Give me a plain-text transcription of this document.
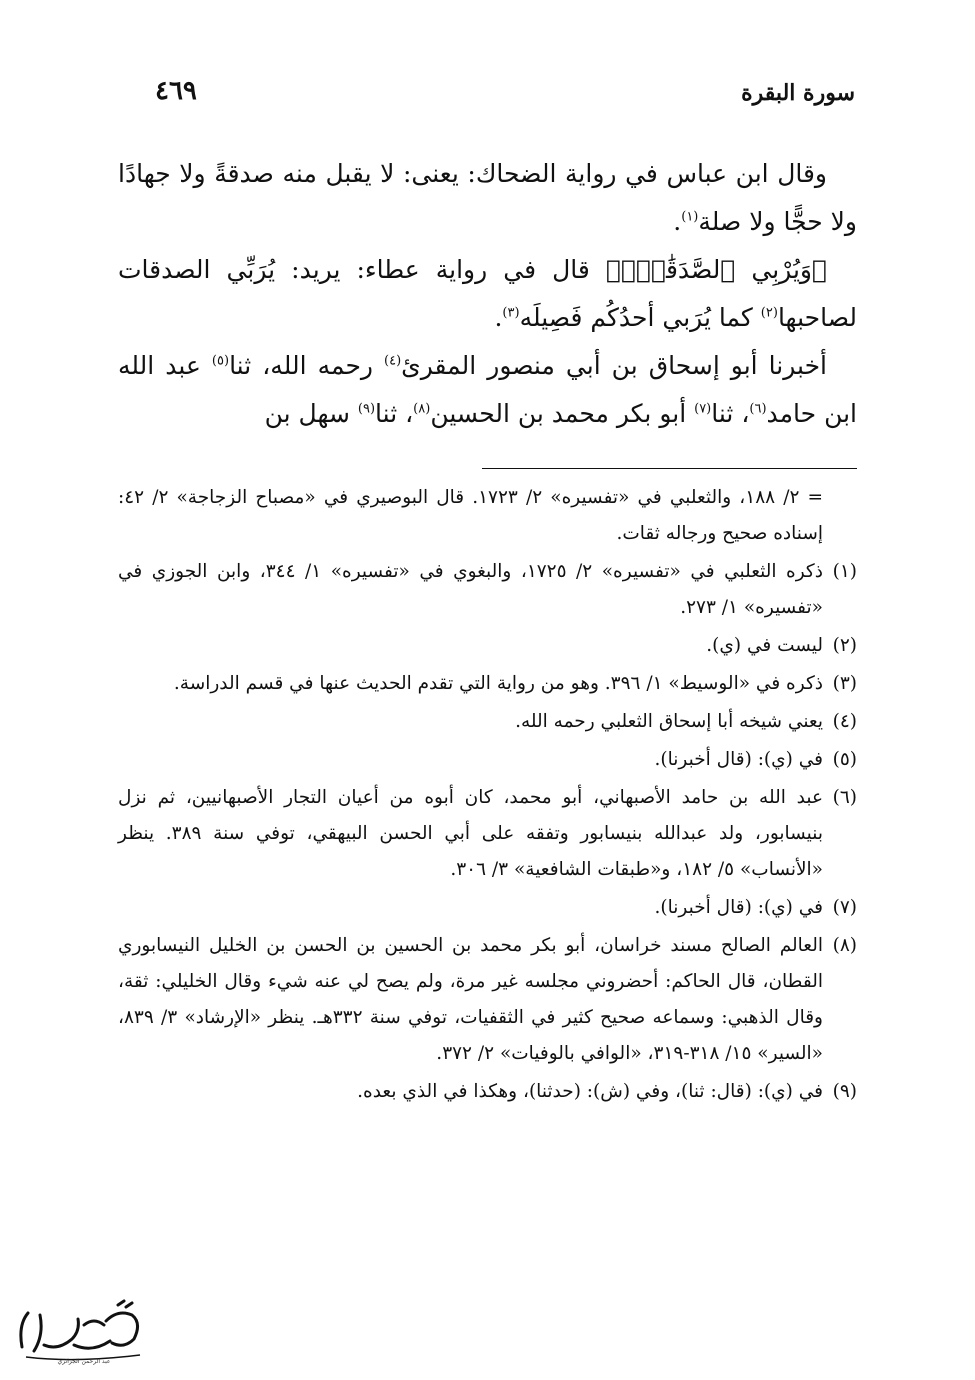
سورة البقرة
٤٦٩

وقال ابن عباس في رواية الضحاك: يعنى: لا يقبل منه صدقةً ولا جهادًا ولا حجًّا ولا صلة$^{(١)}$.

﴿وَيُرْبِي ٱلصَّدَقَٰتِۗ﴾ قال في رواية عطاء: يريد: يُرَبِّي الصدقات لصاحبها$^{(٢)}$ كما يُرَبي أحدُكُم فَصِيلَه$^{(٣)}$.

أخبرنا أبو إسحاق بن أبي منصور المقرئ$^{(٤)}$ رحمه الله، ثنا$^{(٥)}$ عبد الله ابن حامد$^{(٦)}$، ثنا$^{(٧)}$ أبو بكر محمد بن الحسين$^{(٨)}$، ثنا$^{(٩)}$ سهل بن

= ٢/ ١٨٨، والثعلبي في «تفسيره» ٢/ ١٧٢٣. قال البوصيري في «مصباح الزجاجة» ٢/ ٤٢: إسناده صحيح ورجاله ثقات.
(١)
ذكره الثعلبي في «تفسيره» ٢/ ١٧٢٥، والبغوي في «تفسيره» ١/ ٣٤٤، وابن الجوزي في «تفسيره» ١/ ٢٧٣.
(٢)
ليست في (ي).
(٣)
ذكره في «الوسيط» ١/ ٣٩٦. وهو من رواية التي تقدم الحديث عنها في قسم الدراسة.
(٤)
يعني شيخه أبا إسحاق الثعلبي رحمه الله.
(٥)
في (ي): (قال أخبرنا).
(٦)
عبد الله بن حامد الأصبهاني، أبو محمد، كان أبوه من أعيان التجار الأصبهانيين، ثم نزل بنيسابور، ولد عبدالله بنيسابور وتفقه على أبي الحسن البيهقي، توفي سنة ٣٨٩. ينظر «الأنساب» ٥/ ١٨٢، و«طبقات الشافعية» ٣/ ٣٠٦.
(٧)
في (ي): (قال أخبرنا).
(٨)
العالم الصالح مسند خراسان، أبو بكر محمد بن الحسين بن الحسن بن الخليل النيسابوري القطان، قال الحاكم: أحضروني مجلسه غير مرة، ولم يصح لي عنه شيء وقال الخليلي: ثقة، وقال الذهبي: وسماعه صحيح كثير في الثقفيات، توفي سنة ٣٣٢هـ. ينظر «الإرشاد» ٣/ ٨٣٩، «السير» ١٥/ ٣١٨-٣١٩، «الوافي بالوفيات» ٢/ ٣٧٢.
(٩)
في (ي): (قال: ثنا)، وفي (ش): (حدثنا)، وهكذا في الذي بعده.
عبد الرحمن الجزائري
